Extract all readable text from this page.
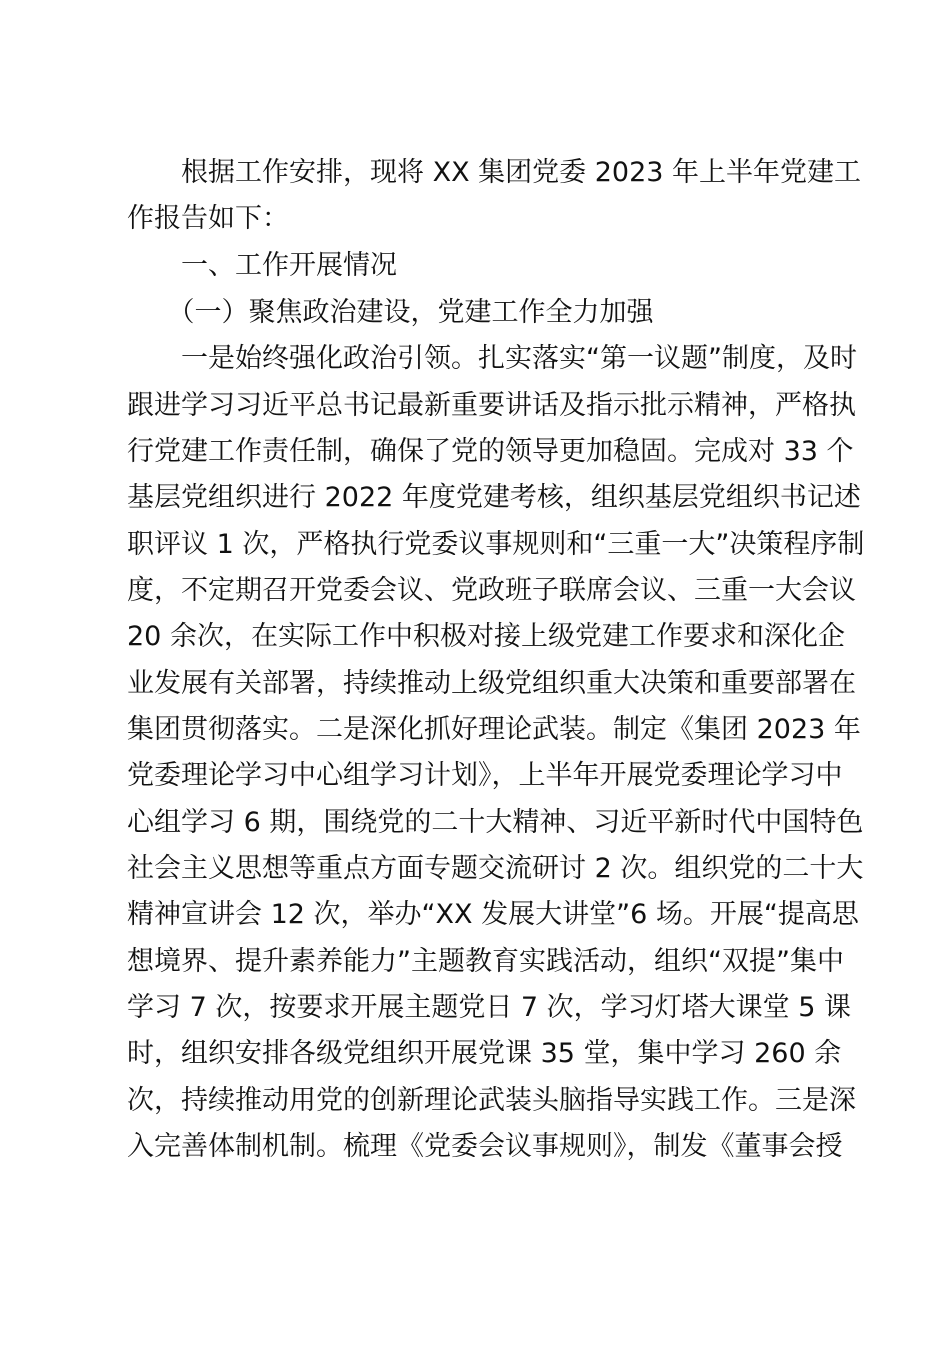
　　根据工作安排，现将 XX 集团党委 2023 年上半年党建工
作报告如下：
　　一、工作开展情况
　　（一）聚焦政治建设，党建工作全力加强
　　一是始终强化政治引领。扎实落实“第一议题”制度，及时
跟进学习习近平总书记最新重要讲话及指示批示精神，严格执
行党建工作责任制，确保了党的领导更加稳固。完成对 33 个
基层党组织进行 2022 年度党建考核，组织基层党组织书记述
职评议 1 次，严格执行党委议事规则和“三重一大”决策程序制
度，不定期召开党委会议、党政班子联席会议、三重一大会议
20 余次，在实际工作中积极对接上级党建工作要求和深化企
业发展有关部署，持续推动上级党组织重大决策和重要部署在
集团贯彻落实。二是深化抓好理论武装。制定《集团 2023 年
党委理论学习中心组学习计划》，上半年开展党委理论学习中
心组学习 6 期，围绕党的二十大精神、习近平新时代中国特色
社会主义思想等重点方面专题交流研讨 2 次。组织党的二十大
精神宣讲会 12 次，举办“XX 发展大讲堂”6 场。开展“提高思
想境界、提升素养能力”主题教育实践活动，组织“双提”集中
学习 7 次，按要求开展主题党日 7 次，学习灯塔大课堂 5 课
时，组织安排各级党组织开展党课 35 堂，集中学习 260 余
次，持续推动用党的创新理论武装头脑指导实践工作。三是深
入完善体制机制。梳理《党委会议事规则》，制发《董事会授
